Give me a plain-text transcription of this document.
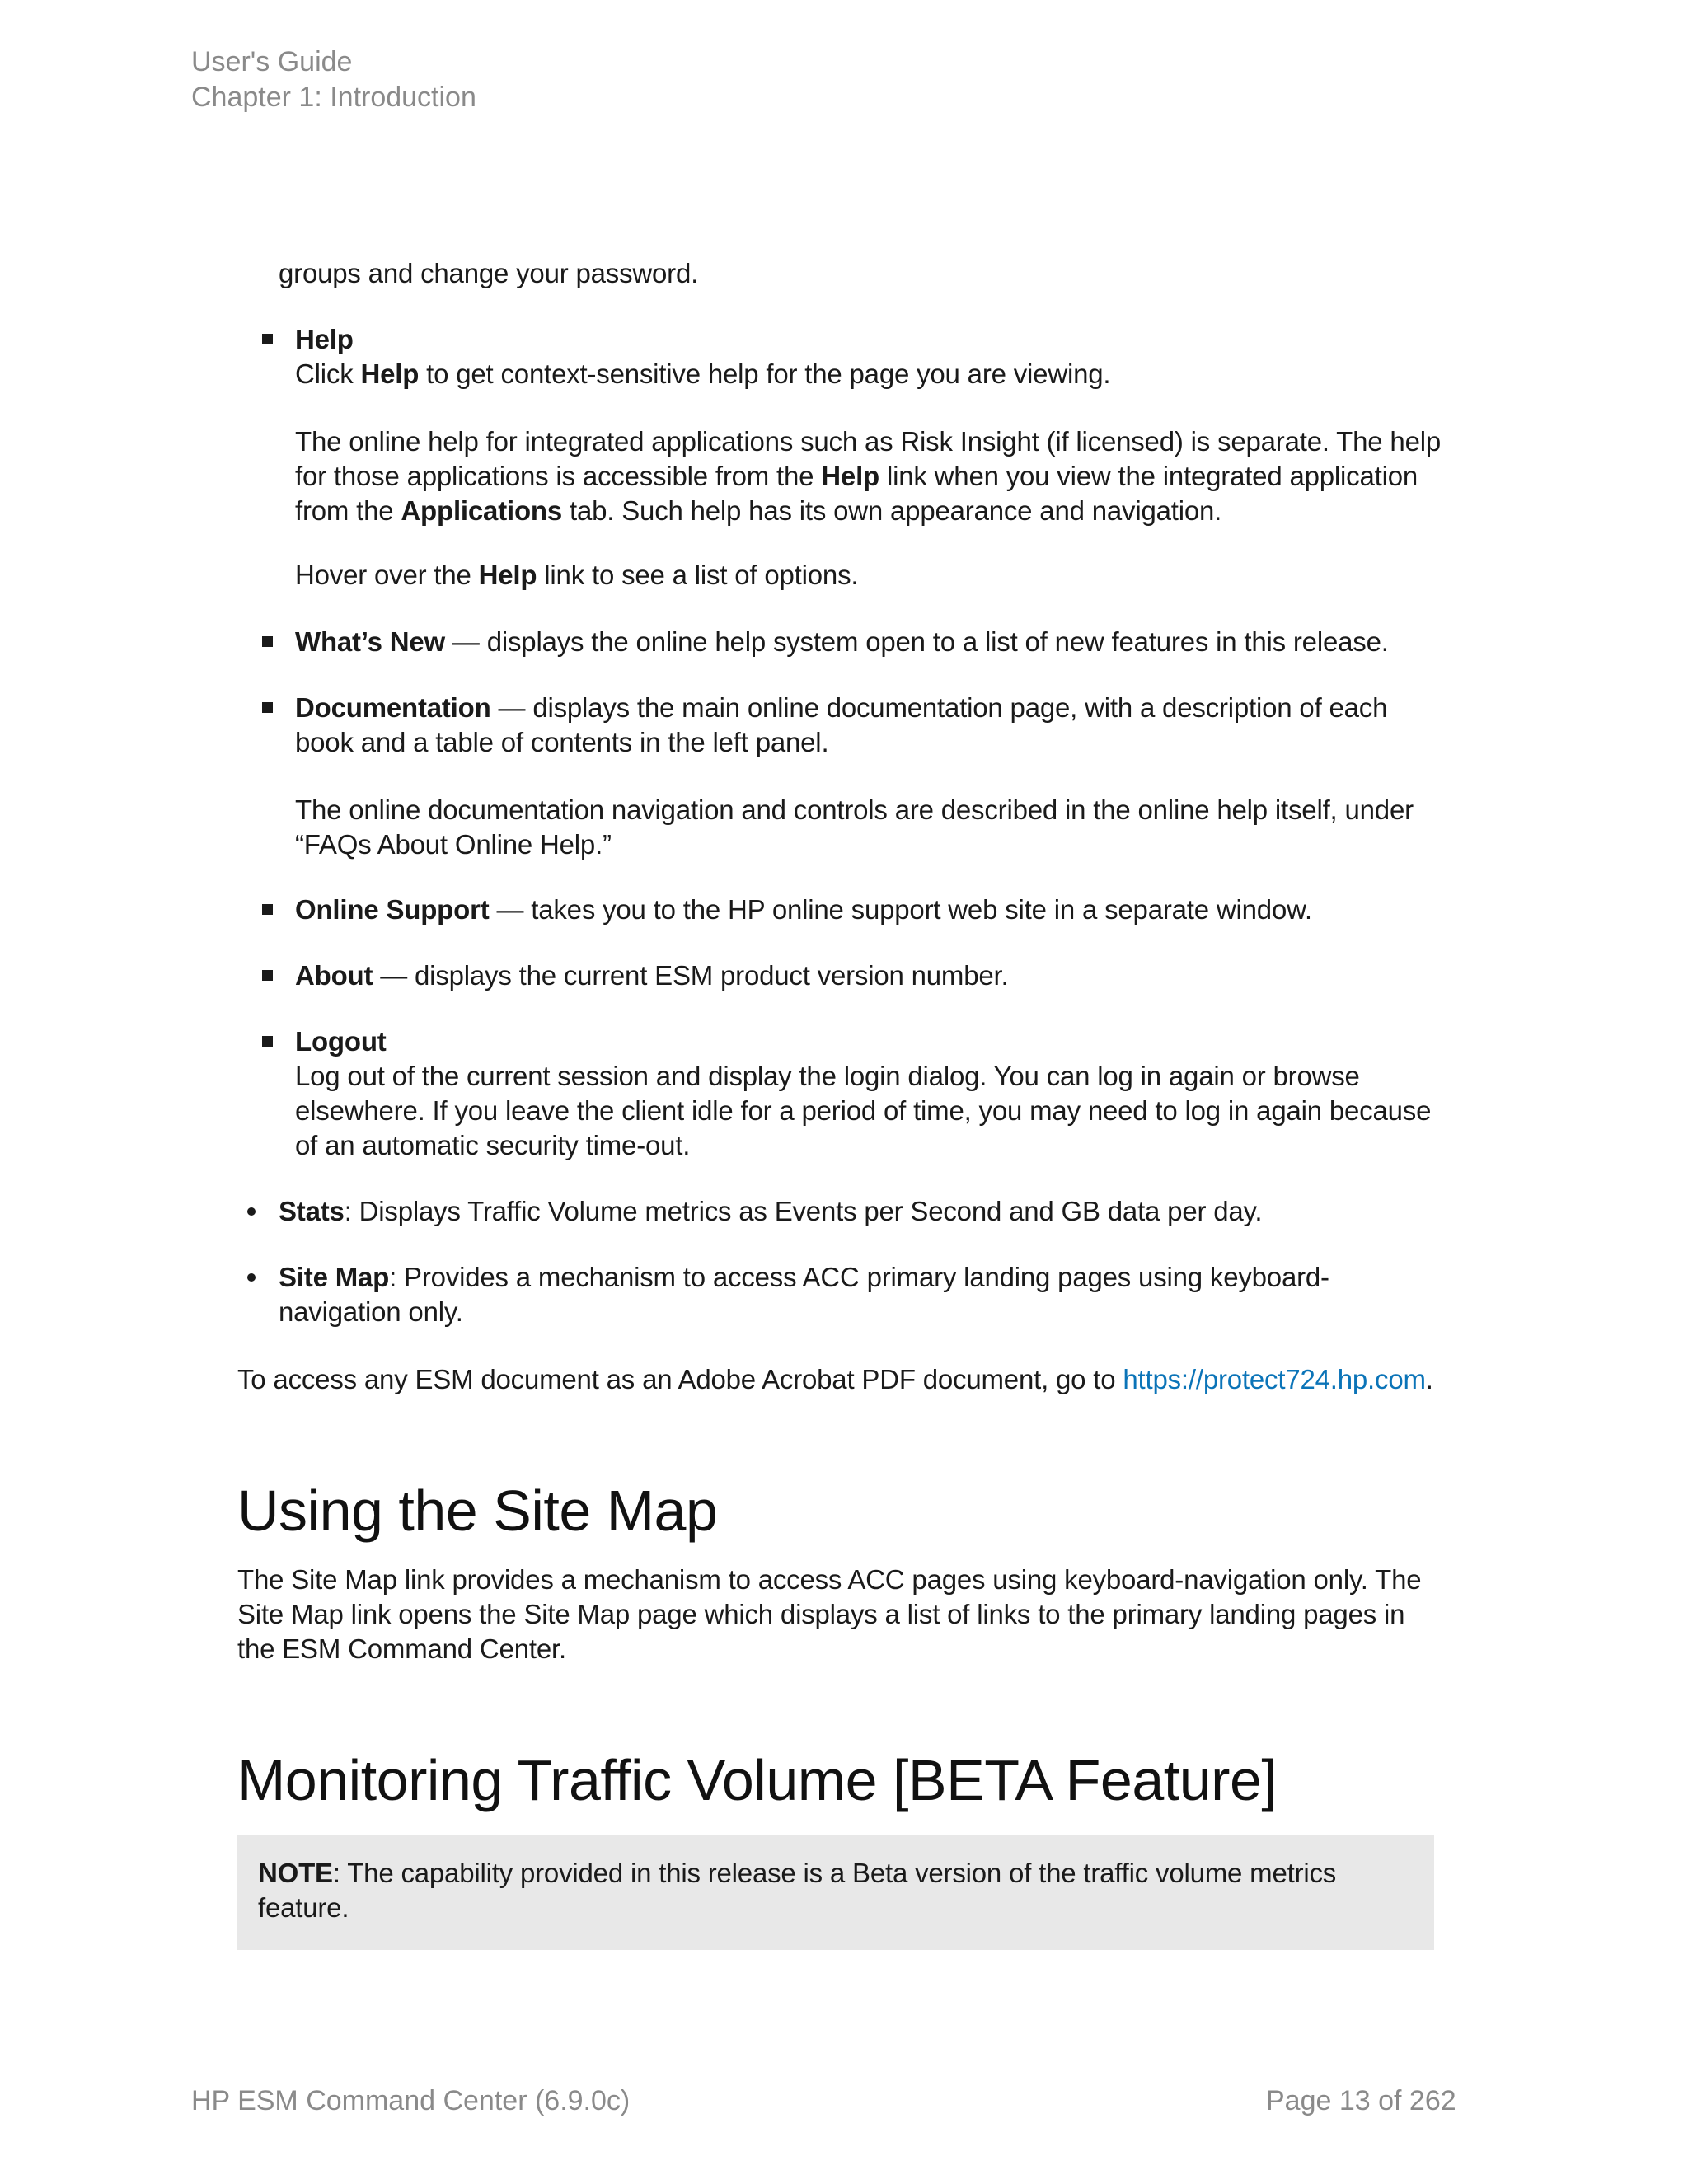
User's Guide
Chapter 1: Introduction
groups and change your password.
Help
Click Help to get context-sensitive help for the page you are viewing.
The online help for integrated applications such as Risk Insight (if licensed) is separate. The help for those applications is accessible from the Help link when you view the integrated application from the Applications tab. Such help has its own appearance and navigation.
Hover over the Help link to see a list of options.
What’s New — displays the online help system open to a list of new features in this release.
Documentation — displays the main online documentation page, with a description of each book and a table of contents in the left panel.
The online documentation navigation and controls are described in the online help itself, under “FAQs About Online Help.”
Online Support — takes you to the HP online support web site in a separate window.
About — displays the current ESM product version number.
Logout
Log out of the current session and display the login dialog. You can log in again or browse elsewhere. If you leave the client idle for a period of time, you may need to log in again because of an automatic security time-out.
Stats: Displays Traffic Volume metrics as Events per Second and GB data per day.
Site Map: Provides a mechanism to access ACC primary landing pages using keyboard-navigation only.
To access any ESM document as an Adobe Acrobat PDF document, go to https://protect724.hp.com.
Using the Site Map
The Site Map link provides a mechanism to access ACC pages using keyboard-navigation only. The Site Map link opens the Site Map page which displays a list of links to the primary landing pages in the ESM Command Center.
Monitoring Traffic Volume [BETA Feature]
NOTE: The capability provided in this release is a Beta version of the traffic volume metrics feature.
HP ESM Command Center (6.9.0c)	Page 13 of 262
